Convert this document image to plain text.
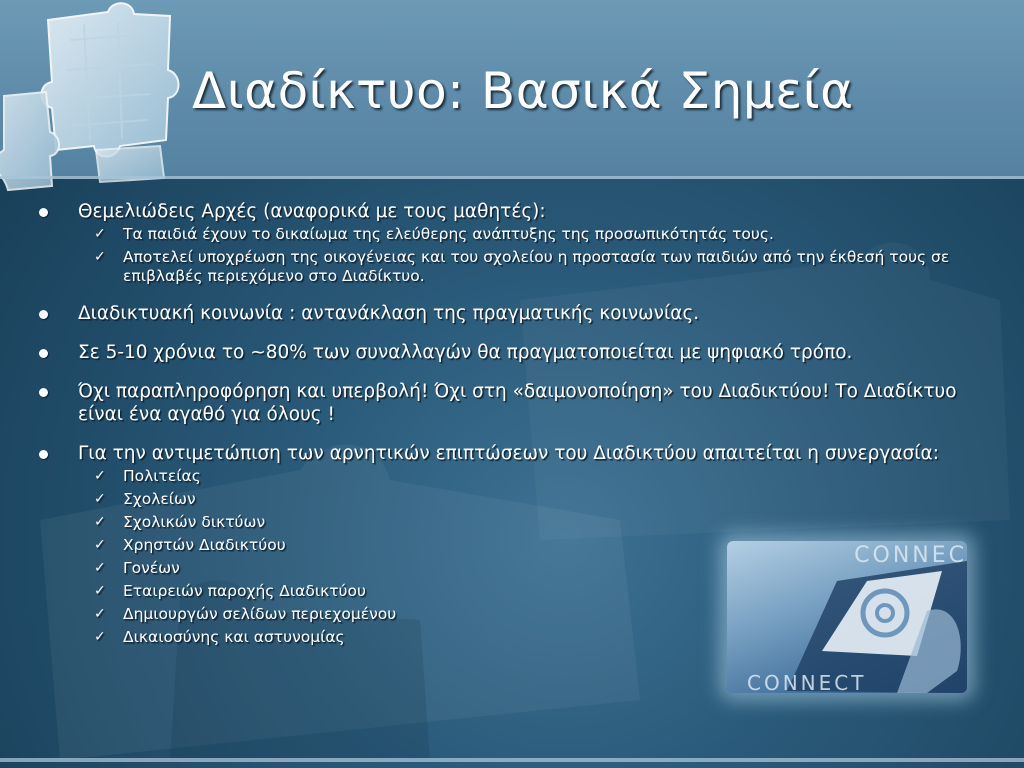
Διαδίκτυο: Βασικά Σημεία
Θεμελιώδεις Αρχές (αναφορικά με τους μαθητές):
✓ Τα παιδιά έχουν το δικαίωμα της ελεύθερης ανάπτυξης της προσωπικότητάς τους.
✓ Αποτελεί υποχρέωση της οικογένειας και του σχολείου η προστασία των παιδιών από την έκθεσή τους σε επιβλαβές περιεχόμενο στο Διαδίκτυο.
Διαδικτυακή κοινωνία : αντανάκλαση της πραγματικής κοινωνίας.
Σε 5-10 χρόνια το ~80% των συναλλαγών θα πραγματοποιείται με ψηφιακό τρόπο.
Όχι παραπληροφόρηση και υπερβολή! Όχι στη «δαιμονοποίηση» του Διαδικτύου! Το Διαδίκτυο είναι ένα αγαθό για όλους !
Για την αντιμετώπιση των αρνητικών επιπτώσεων του Διαδικτύου απαιτείται η συνεργασία:
✓ Πολιτείας
✓ Σχολείων
✓ Σχολικών δικτύων
✓ Χρηστών Διαδικτύου
✓ Γονέων
✓ Εταιρειών παροχής Διαδικτύου
✓ Δημιουργών σελίδων περιεχομένου
✓ Δικαιοσύνης και αστυνομίας
CONNEC
CONNECT
